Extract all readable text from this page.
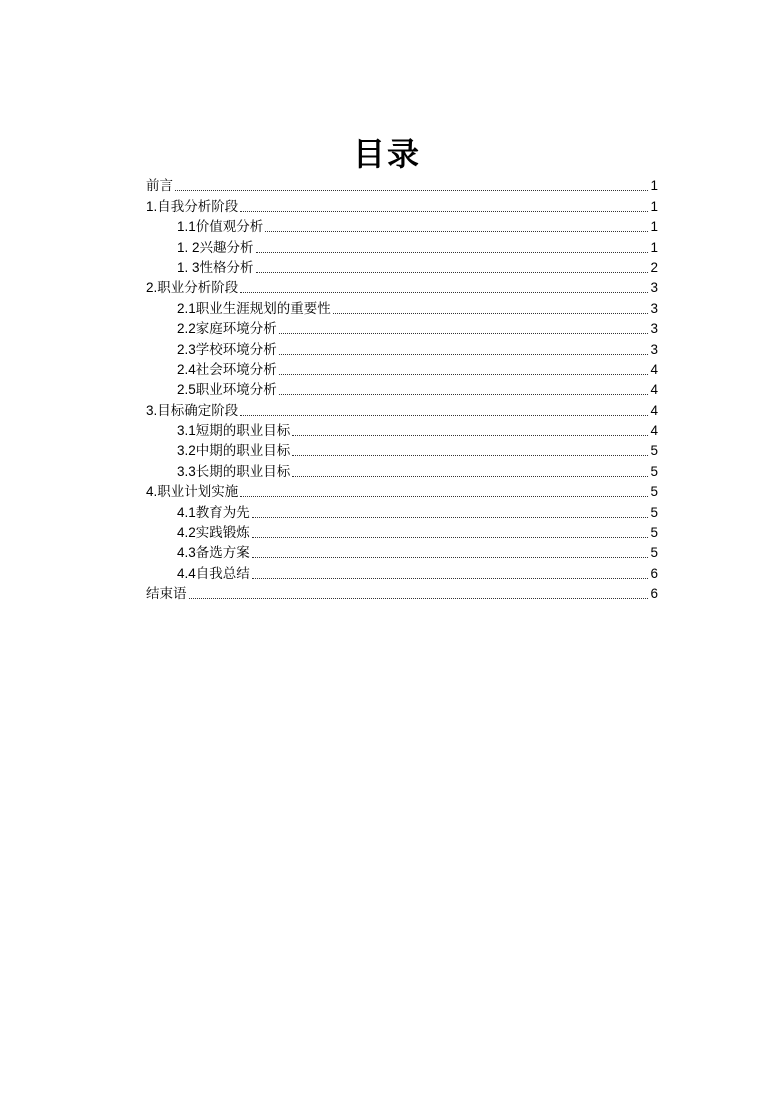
目录
前言	1
1. 自我分析阶段	1
1.1 价值观分析	1
1. 2 兴趣分析	1
1. 3 性格分析	2
2. 职业分析阶段	3
2.1 职业生涯规划的重要性	3
2.2 家庭环境分析	3
2.3 学校环境分析	3
2.4 社会环境分析	4
2.5 职业环境分析	4
3. 目标确定阶段	4
3.1 短期的职业目标	4
3.2 中期的职业目标	5
3.3 长期的职业目标	5
4. 职业计划实施	5
4.1 教育为先	5
4.2 实践锻炼	5
4.3 备选方案	5
4.4 自我总结	6
结束语	6
